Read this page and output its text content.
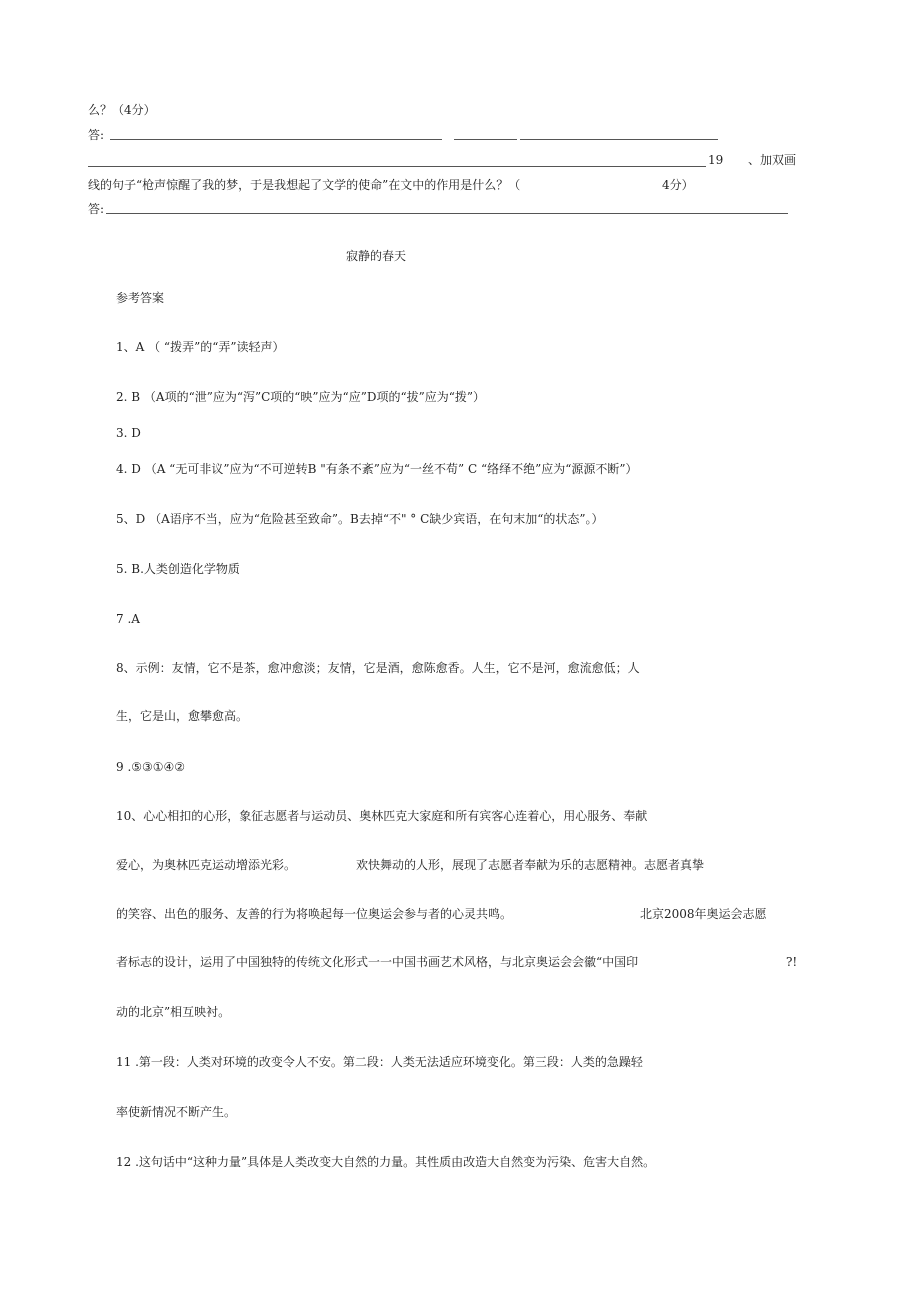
么？（4分）
答:
19 、加双画
线的句子“枪声惊醒了我的梦，于是我想起了文学的使命”在文中的作用是什么？（	4分）
答:
寂静的春天
参考答案
1、A （ “拨弄”的“弄”读轻声）
2. B （A项的“泄”应为“泻”C项的“映”应为“应”D项的“拔”应为“拨”）
3. D
4. D （A “无可非议”应为“不可逆转B "有条不紊”应为“一丝不苟” C “络绎不绝”应为“源源不断”）
5、D （A语序不当，应为“危险甚至致命”。B去掉“不" ° C缺少宾语，在句末加“的状态”。）
5. B.人类创造化学物质
7 .A
8、示例：友情，它不是茶，愈冲愈淡；友情，它是酒，愈陈愈香。人生，它不是河，愈流愈低；人
生，它是山，愈攀愈高。
9 .⑤③①④②
10、心心相扣的心形，象征志愿者与运动员、奥林匹克大家庭和所有宾客心连着心，用心服务、奉献
爱心，为奥林匹克运动增添光彩。	欢快舞动的人形，展现了志愿者奉献为乐的志愿精神。志愿者真挚
的笑容、出色的服务、友善的行为将唤起每一位奥运会参与者的心灵共鸣。	北京2008年奥运会志愿
者标志的设计，运用了中国独特的传统文化形式一一中国书画艺术风格，与北京奥运会会徽“中国印	?!
动的北京”相互映衬。
11 .第一段：人类对环境的改变令人不安。第二段：人类无法适应环境变化。第三段：人类的急躁轻
率使新情况不断产生。
12 .这句话中“这种力量”具体是人类改变大自然的力量。其性质由改造大自然变为污染、危害大自然。
